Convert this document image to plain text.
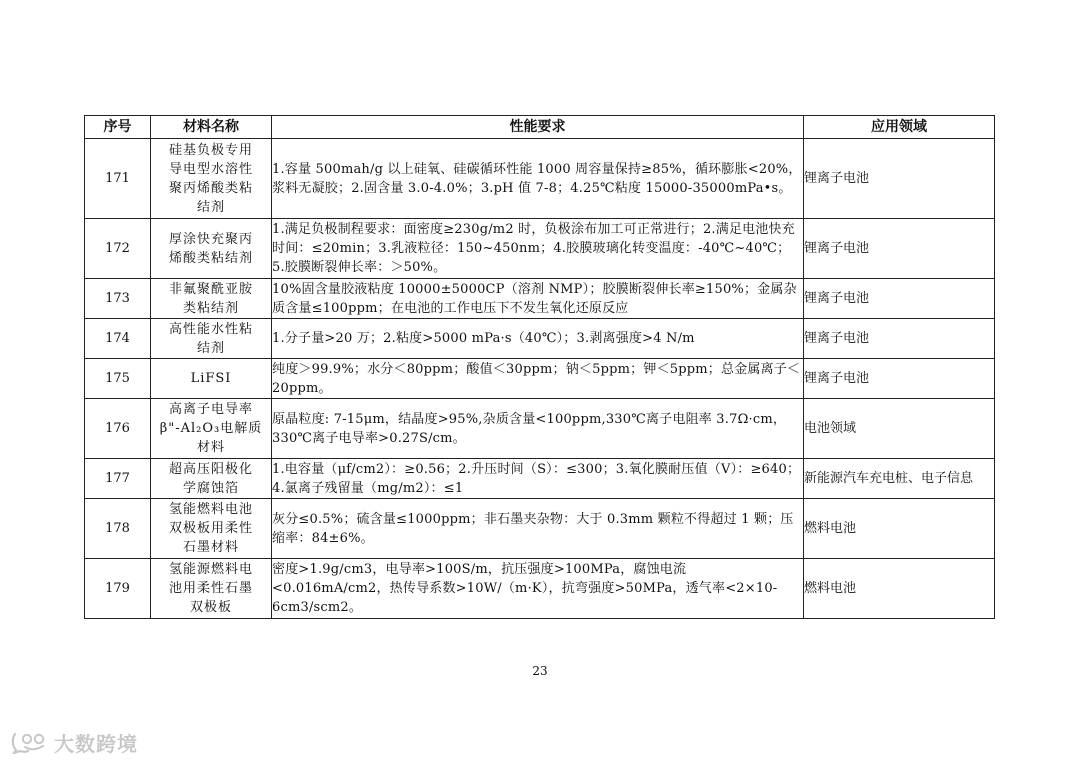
序号	材料名称	性能要求	应用领域
171	硅基负极专用
导电型水溶性
聚丙烯酸类粘
结剂	1.容量 500mah/g 以上硅氧、硅碳循环性能 1000 周容量保持≥85%，循环膨胀<20%，浆料无凝胶；2.固含量 3.0-4.0%；3.pH 值 7-8；4.25℃粘度 15000-35000mPa•s。	锂离子电池
172	厚涂快充聚丙
烯酸类粘结剂	1.满足负极制程要求：面密度≥230g/m2 时，负极涂布加工可正常进行；2.满足电池快充时间：≤20min；3.乳液粒径：150~450nm；4.胶膜玻璃化转变温度：-40℃~40℃；5.胶膜断裂伸长率：＞50%。	锂离子电池
173	非氟聚酰亚胺
类粘结剂	10%固含量胶液粘度 10000±5000CP（溶剂 NMP）；胶膜断裂伸长率≥150%；金属杂质含量≤100ppm；在电池的工作电压下不发生氧化还原反应	锂离子电池
174	高性能水性粘
结剂	1.分子量>20 万；2.粘度>5000 mPa·s（40℃）；3.剥离强度>4 N/m	锂离子电池
175	LiFSI	纯度＞99.9%；水分＜80ppm；酸值＜30ppm；钠＜5ppm；钾＜5ppm；总金属离子＜20ppm。	锂离子电池
176	高离子电导率
β"-Al₂O₃电解质
材料	原晶粒度: 7-15μm，结晶度>95%,杂质含量<100ppm,330℃离子电阻率 3.7Ω·cm，330℃离子电导率>0.27S/cm。	电池领域
177	超高压阳极化
学腐蚀箔	1.电容量（μf/cm2）：≥0.56；2.升压时间（S）：≤300；3.氧化膜耐压值（V）：≥640；4.氯离子残留量（mg/m2）：≤1	新能源汽车充电桩、电子信息
178	氢能燃料电池
双极板用柔性
石墨材料	灰分≤0.5%；硫含量≤1000ppm；非石墨夹杂物：大于 0.3mm 颗粒不得超过 1 颗；压缩率：84±6%。	燃料电池
179	氢能源燃料电
池用柔性石墨
双极板	密度>1.9g/cm3，电导率>100S/m，抗压强度>100MPa，腐蚀电流<0.016mA/cm2，热传导系数>10W/（m·K），抗弯强度>50MPa，透气率<2×10-6cm3/scm2。	燃料电池
23
大数跨境
